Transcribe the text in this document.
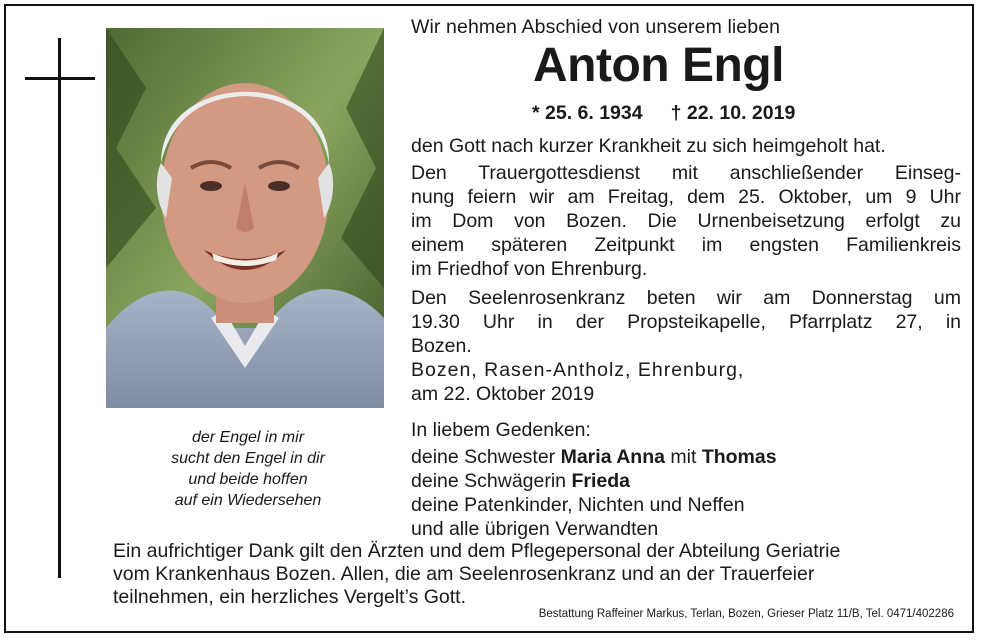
der Engel in mir
sucht den Engel in dir
und beide hoffen
auf ein Wiedersehen
Wir nehmen Abschied von unserem lieben
Anton Engl
* 25. 6. 1934 † 22. 10. 2019
den Gott nach kurzer Krankheit zu sich heimgeholt hat.
Den Trauergottesdienst mit anschließender Einseg-
nung feiern wir am Freitag, dem 25. Oktober, um 9 Uhr
im Dom von Bozen. Die Urnenbeisetzung erfolgt zu
einem späteren Zeitpunkt im engsten Familienkreis
im Friedhof von Ehrenburg.
Den Seelenrosenkranz beten wir am Donnerstag um
19.30 Uhr in der Propsteikapelle, Pfarrplatz 27, in
Bozen.
Bozen, Rasen-Antholz, Ehrenburg,
am 22. Oktober 2019
In liebem Gedenken:
deine Schwester Maria Anna mit Thomas
deine Schwägerin Frieda
deine Patenkinder, Nichten und Neffen
und alle übrigen Verwandten
Ein aufrichtiger Dank gilt den Ärzten und dem Pflegepersonal der Abteilung Geriatrie
vom Krankenhaus Bozen. Allen, die am Seelenrosenkranz und an der Trauerfeier
teilnehmen, ein herzliches Vergelt’s Gott.
Bestattung Raffeiner Markus, Terlan, Bozen, Grieser Platz 11/B, Tel. 0471/402286
